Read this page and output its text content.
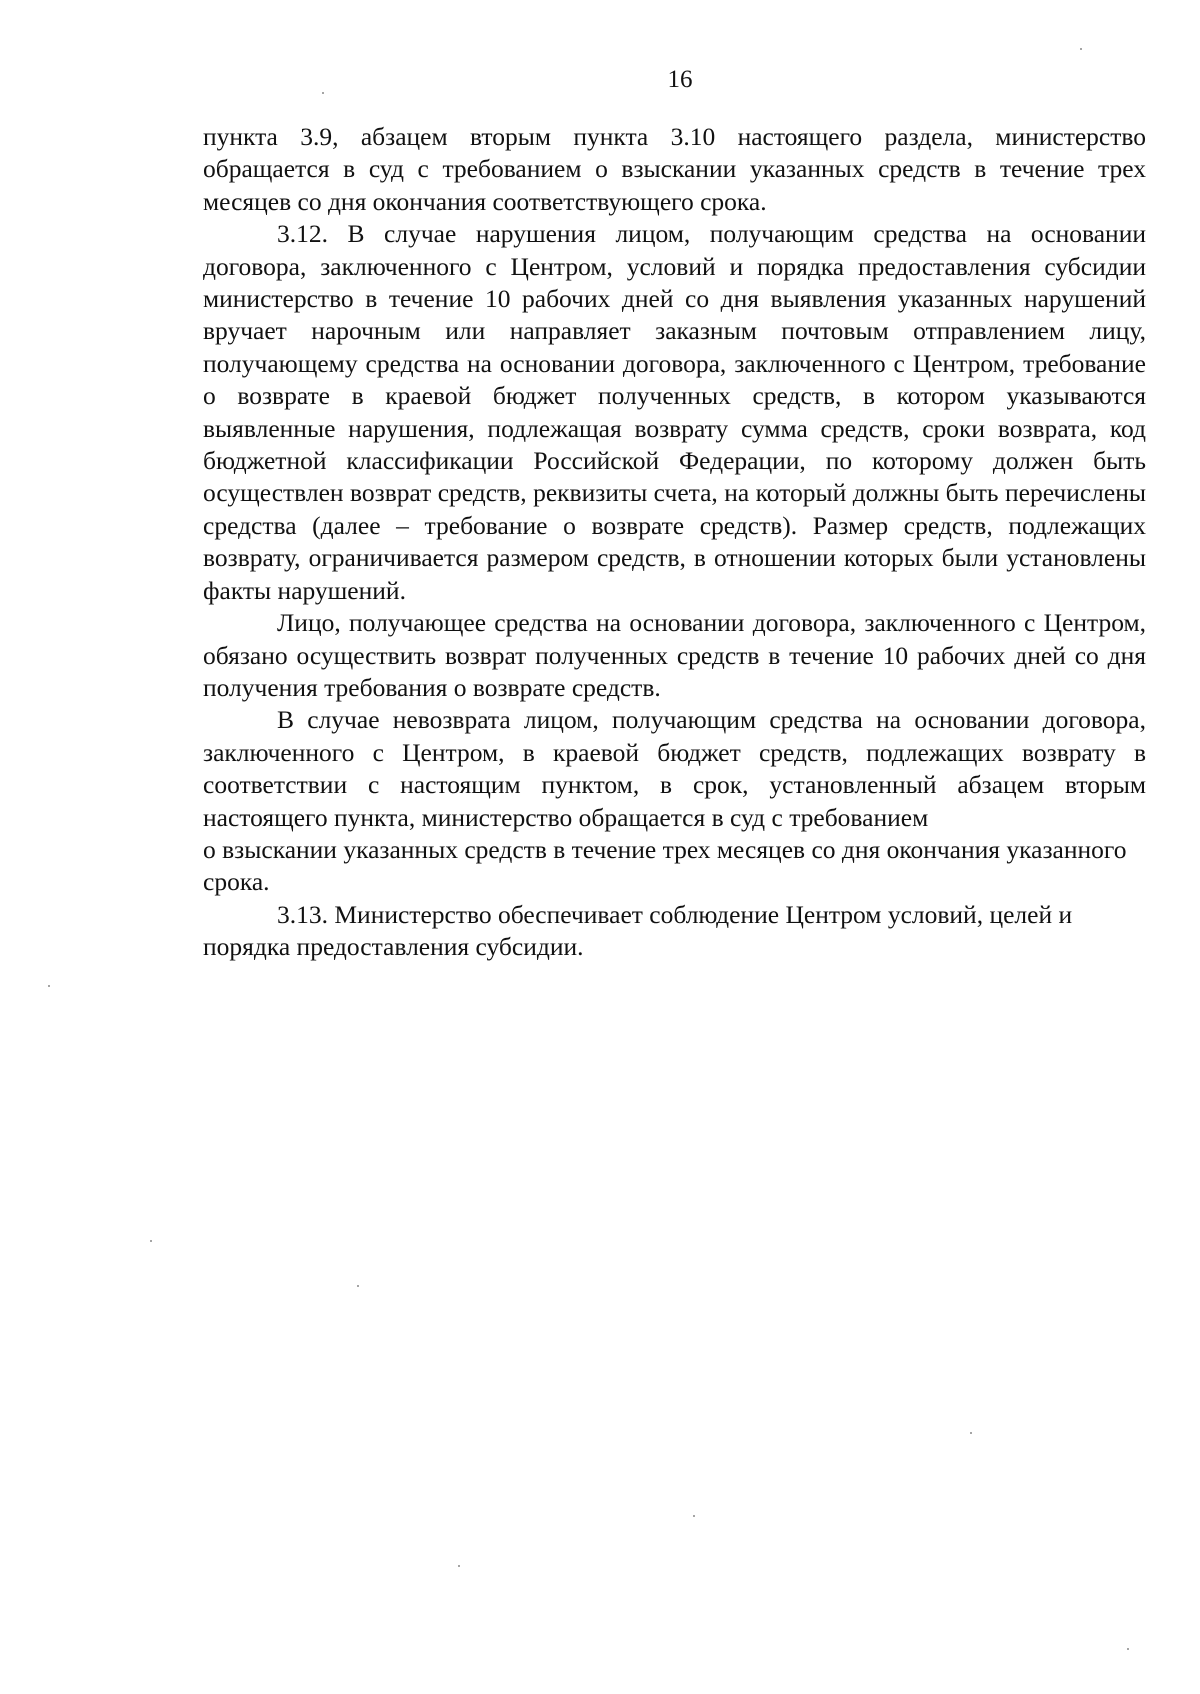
16

пункта 3.9, абзацем вторым пункта 3.10 настоящего раздела, министерство обращается в суд с требованием о взыскании указанных средств в течение трех месяцев со дня окончания соответствующего срока.

3.12. В случае нарушения лицом, получающим средства на основании договора, заключенного с Центром, условий и порядка предоставления субсидии министерство в течение 10 рабочих дней со дня выявления указанных нарушений вручает нарочным или направляет заказным почтовым отправлением лицу, получающему средства на основании договора, заключенного с Центром, требование о возврате в краевой бюджет полученных средств, в котором указываются выявленные нарушения, подлежащая возврату сумма средств, сроки возврата, код бюджетной классификации Российской Федерации, по которому должен быть осуществлен возврат средств, реквизиты счета, на который должны быть перечислены средства (далее – требование о возврате средств). Размер средств, подлежащих возврату, ограничивается размером средств, в отношении которых были установлены факты нарушений.

Лицо, получающее средства на основании договора, заключенного с Центром, обязано осуществить возврат полученных средств в течение 10 рабочих дней со дня получения требования о возврате средств.

В случае невозврата лицом, получающим средства на основании договора, заключенного с Центром, в краевой бюджет средств, подлежащих возврату в соответствии с настоящим пунктом, в срок, установленный абзацем вторым настоящего пункта, министерство обращается в суд с требованием

о взыскании указанных средств в течение трех месяцев со дня окончания указанного срока.

3.13. Министерство обеспечивает соблюдение Центром условий, целей и порядка предоставления субсидии.
